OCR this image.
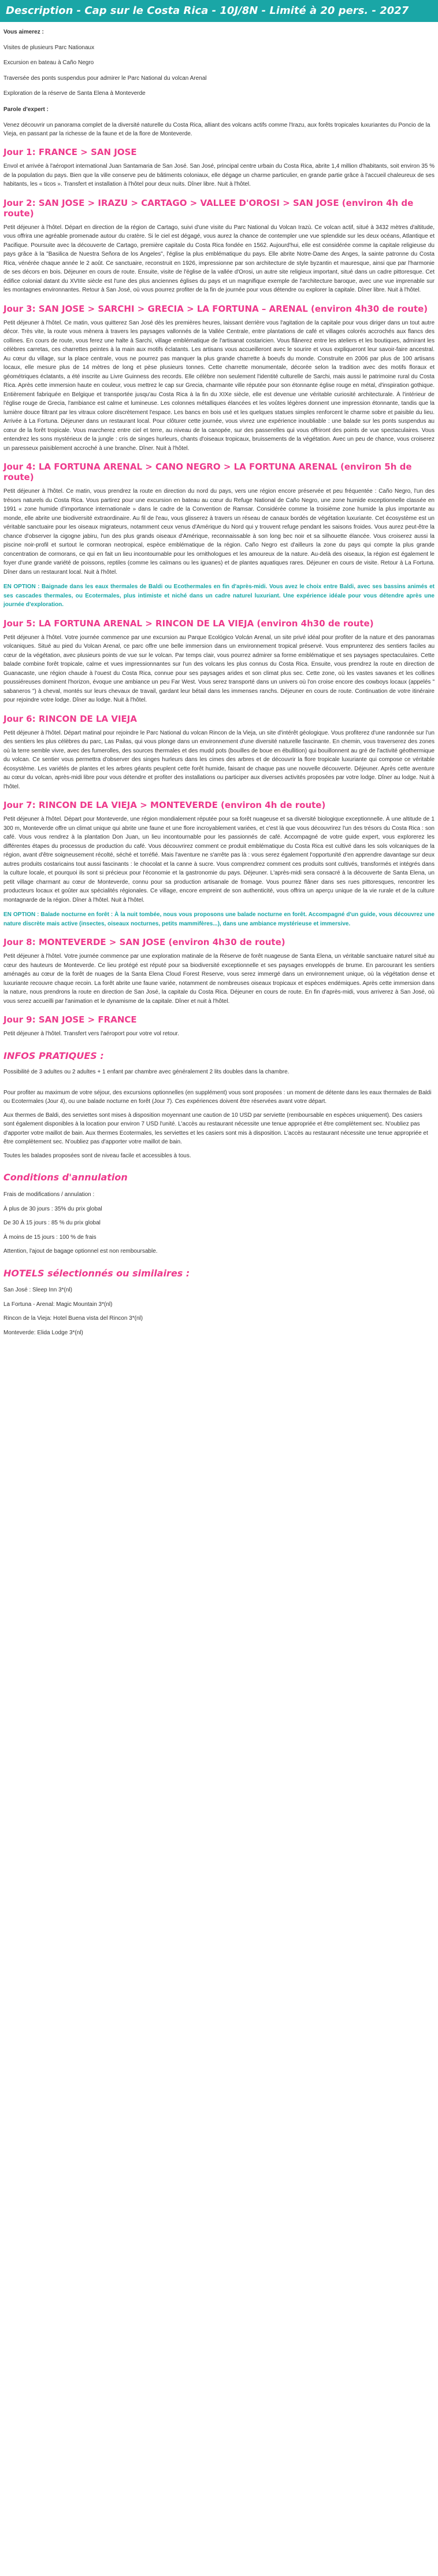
Description - Cap sur le Costa Rica - 10J/8N - Limité à 20 pers. - 2027
Vous aimerez :
Visites de plusieurs Parc Nationaux
Excursion en bateau à Caño Negro
Traversée des ponts suspendus pour admirer le Parc National du volcan Arenal
Exploration de la réserve de Santa Elena à Monteverde
Parole d'expert :
Venez découvrir un panorama complet de la diversité naturelle du Costa Rica, alliant des volcans actifs comme l'Irazu, aux forêts tropicales luxuriantes du Poncio de la Vieja, en passant par la richesse de la faune et de la flore de Monteverde.
Jour 1: FRANCE > SAN JOSE
Envol et arrivée à l'aéroport international Juan Santamaria de San José. San José, principal centre urbain du Costa Rica, abrite 1,4 million d'habitants, soit environ 35 % de la population du pays. Bien que la ville conserve peu de bâtiments coloniaux, elle dégage un charme particulier, en grande partie grâce à l'accueil chaleureux de ses habitants, les « ticos ». Transfert et installation à l'hôtel pour deux nuits. Dîner libre. Nuit à l'hôtel.
Jour 2: SAN JOSE > IRAZU > CARTAGO > VALLEE D'OROSI > SAN JOSE (environ 4h de route)
Petit déjeuner à l'hôtel. Départ en direction de la région de Cartago, suivi d'une visite du Parc National du Volcan Irazù. Ce volcan actif, situé à 3432 mètres d'altitude, vous offrira une agréable promenade autour du cratère. Si le ciel est dégagé, vous aurez la chance de contempler une vue splendide sur les deux océans, Atlantique et Pacifique. Poursuite avec la découverte de Cartago, première capitale du Costa Rica fondée en 1562. Aujourd'hui, elle est considérée comme la capitale religieuse du pays grâce à la "Basilica de Nuestra Señora de los Angeles", l'église la plus emblématique du pays. Elle abrite Notre-Dame des Anges, la sainte patronne du Costa Rica, vénérée chaque année le 2 août. Ce sanctuaire, reconstruit en 1926, impressionne par son architecture de style byzantin et mauresque, ainsi que par l'harmonie de ses décors en bois. Déjeuner en cours de route. Ensuite, visite de l'église de la vallée d'Orosi, un autre site religieux important, situé dans un cadre pittoresque. Cet édifice colonial datant du XVIIIe siècle est l'une des plus anciennes églises du pays et un magnifique exemple de l'architecture baroque, avec une vue imprenable sur les montagnes environnantes. Retour à San José, où vous pourrez profiter de la fin de journée pour vous détendre ou explorer la capitale. Dîner libre. Nuit à l'hôtel.
Jour 3: SAN JOSE > SARCHI > GRECIA > LA FORTUNA – ARENAL (environ 4h30 de route)
Petit déjeuner à l'hôtel. Ce matin, vous quitterez San José dès les premières heures, laissant derrière vous l'agitation de la capitale pour vous diriger dans un tout autre décor. Très vite, la route vous mènera à travers les paysages vallonnés de la Vallée Centrale, entre plantations de café et villages colorés accrochés aux flancs des collines. En cours de route, vous ferez une halte à Sarchi, village emblématique de l'artisanat costaricien. Vous flânerez entre les ateliers et les boutiques, admirant les célèbres carretas, ces charrettes peintes à la main aux motifs éclatants. Les artisans vous accueilleront avec le sourire et vous expliqueront leur savoir-faire ancestral. Au cœur du village, sur la place centrale, vous ne pourrez pas manquer la plus grande charrette à boeufs du monde. Construite en 2006 par plus de 100 artisans locaux, elle mesure plus de 14 mètres de long et pèse plusieurs tonnes. Cette charrette monumentale, décorée selon la tradition avec des motifs floraux et géométriques éclatants, a été inscrite au Livre Guinness des records. Elle célèbre non seulement l'identité culturelle de Sarchi, mais aussi le patrimoine rural du Costa Rica. Après cette immersion haute en couleur, vous mettrez le cap sur Grecia, charmante ville réputée pour son étonnante église rouge en métal, d'inspiration gothique. Entièrement fabriquée en Belgique et transportée jusqu'au Costa Rica à la fin du XIXe siècle, elle est devenue une véritable curiosité architecturale. À l'intérieur de l'église rouge de Grecia, l'ambiance est calme et lumineuse. Les colonnes métalliques élancées et les voûtes légères donnent une impression étonnante, tandis que la lumière douce filtrant par les vitraux colore discrètement l'espace. Les bancs en bois usé et les quelques statues simples renforcent le charme sobre et paisible du lieu. Arrivée à La Fortuna. Déjeuner dans un restaurant local. Pour clôturer cette journée, vous vivrez une expérience inoubliable : une balade sur les ponts suspendus au cœur de la forêt tropicale. Vous marcherez entre ciel et terre, au niveau de la canopée, sur des passerelles qui vous offriront des points de vue spectaculaires. Vous entendrez les sons mystérieux de la jungle : cris de singes hurleurs, chants d'oiseaux tropicaux, bruissements de la végétation. Avec un peu de chance, vous croiserez un paresseux paisiblement accroché à une branche. Dîner. Nuit à l'hôtel.
Jour 4: LA FORTUNA ARENAL > CANO NEGRO > LA FORTUNA ARENAL (environ 5h de route)
Petit déjeuner à l'hôtel. Ce matin, vous prendrez la route en direction du nord du pays, vers une région encore préservée et peu fréquentée : Caño Negro, l'un des trésors naturels du Costa Rica. Vous partirez pour une excursion en bateau au cœur du Refuge National de Caño Negro, une zone humide exceptionnelle classée en 1991 « zone humide d'importance internationale » dans le cadre de la Convention de Ramsar. Considérée comme la troisième zone humide la plus importante au monde, elle abrite une biodiversité extraordinaire. Au fil de l'eau, vous glisserez à travers un réseau de canaux bordés de végétation luxuriante. Cet écosystème est un véritable sanctuaire pour les oiseaux migrateurs, notamment ceux venus d'Amérique du Nord qui y trouvent refuge pendant les saisons froides. Vous aurez peut-être la chance d'observer la cigogne jabiru, l'un des plus grands oiseaux d'Amérique, reconnaissable à son long bec noir et sa silhouette élancée. Vous croiserez aussi la piscine noir-profil et surtout le cormoran neotropical, espèce emblématique de la région. Caño Negro est d'ailleurs la zone du pays qui compte la plus grande concentration de cormorans, ce qui en fait un lieu incontournable pour les ornithologues et les amoureux de la nature. Au-delà des oiseaux, la région est également le foyer d'une grande variété de poissons, reptiles (comme les caïmans ou les iguanes) et de plantes aquatiques rares. Déjeuner en cours de visite. Retour à La Fortuna. Dîner dans un restaurant local. Nuit à l'hôtel.
EN OPTION : Baignade dans les eaux thermales de Baldi ou Ecothermales en fin d'après-midi. Vous avez le choix entre Baldi, avec ses bassins animés et ses cascades thermales, ou Ecotermales, plus intimiste et niché dans un cadre naturel luxuriant. Une expérience idéale pour vous détendre après une journée d'exploration.
Jour 5: LA FORTUNA ARENAL > RINCON DE LA VIEJA (environ 4h30 de route)
Petit déjeuner à l'hôtel. Votre journée commence par une excursion au Parque Ecológico Volcán Arenal, un site privé idéal pour profiter de la nature et des panoramas volcaniques. Situé au pied du Volcan Arenal, ce parc offre une belle immersion dans un environnement tropical préservé. Vous emprunterez des sentiers faciles au cœur de la végétation, avec plusieurs points de vue sur le volcan. Par temps clair, vous pourrez admirer sa forme emblématique et ses paysages spectaculaires. Cette balade combine forêt tropicale, calme et vues impressionnantes sur l'un des volcans les plus connus du Costa Rica. Ensuite, vous prendrez la route en direction de Guanacaste, une région chaude à l'ouest du Costa Rica, connue pour ses paysages arides et son climat plus sec. Cette zone, où les vastes savanes et les collines poussiéreuses dominent l'horizon, évoque une ambiance un peu Far West. Vous serez transporté dans un univers où l'on croise encore des cowboys locaux (appelés " sabaneros ") à cheval, montés sur leurs chevaux de travail, gardant leur bétail dans les immenses ranchs. Déjeuner en cours de route. Continuation de votre itinéraire pour rejoindre votre lodge. Dîner au lodge. Nuit à l'hôtel.
Jour 6: RINCON DE LA VIEJA
Petit déjeuner à l'hôtel. Départ matinal pour rejoindre le Parc National du volcan Rincon de la Vieja, un site d'intérêt géologique. Vous profiterez d'une randonnée sur l'un des sentiers les plus célèbres du parc, Las Pailas, qui vous plonge dans un environnement d'une diversité naturelle fascinante. En chemin, vous traverserez des zones où la terre semble vivre, avec des fumerolles, des sources thermales et des mudd pots (bouilles de boue en ébullition) qui bouillonnent au gré de l'activité géothermique du volcan. Ce sentier vous permettra d'observer des singes hurleurs dans les cimes des arbres et de découvrir la flore tropicale luxuriante qui compose ce véritable écosystème. Les variétés de plantes et les arbres géants peuplent cette forêt humide, faisant de chaque pas une nouvelle découverte. Déjeuner. Après cette aventure au cœur du volcan, après-midi libre pour vous détendre et profiter des installations ou participer aux diverses activités proposées par votre lodge. Dîner au lodge. Nuit à l'hôtel.
Jour 7: RINCON DE LA VIEJA > MONTEVERDE (environ 4h de route)
Petit déjeuner à l'hôtel. Départ pour Monteverde, une région mondialement réputée pour sa forêt nuageuse et sa diversité biologique exceptionnelle. À une altitude de 1 300 m, Monteverde offre un climat unique qui abrite une faune et une flore incroyablement variées, et c'est là que vous découvrirez l'un des trésors du Costa Rica : son café. Vous vous rendrez à la plantation Don Juan, un lieu incontournable pour les passionnés de café. Accompagné de votre guide expert, vous explorerez les différentes étapes du processus de production du café. Vous découvrirez comment ce produit emblématique du Costa Rica est cultivé dans les sols volcaniques de la région, avant d'être soigneusement récolté, séché et torréfié. Mais l'aventure ne s'arrête pas là : vous serez également l'opportunité d'en apprendre davantage sur deux autres produits costaricains tout aussi fascinants : le chocolat et la canne à sucre. Vous comprendrez comment ces produits sont cultivés, transformés et intégrés dans la culture locale, et pourquoi ils sont si précieux pour l'économie et la gastronomie du pays. Déjeuner. L'après-midi sera consacré à la découverte de Santa Elena, un petit village charmant au cœur de Monteverde, connu pour sa production artisanale de fromage. Vous pourrez flâner dans ses rues pittoresques, rencontrer les producteurs locaux et goûter aux spécialités régionales. Ce village, encore empreint de son authenticité, vous offrira un aperçu unique de la vie rurale et de la culture montagnarde de la région. Dîner à l'hôtel. Nuit à l'hôtel.
EN OPTION : Balade nocturne en forêt : À la nuit tombée, nous vous proposons une balade nocturne en forêt. Accompagné d'un guide, vous découvrez une nature discrète mais active (insectes, oiseaux nocturnes, petits mammifères...), dans une ambiance mystérieuse et immersive.
Jour 8: MONTEVERDE > SAN JOSE (environ 4h30 de route)
Petit déjeuner à l'hôtel. Votre journée commence par une exploration matinale de la Réserve de forêt nuageuse de Santa Elena, un véritable sanctuaire naturel situé au cœur des hauteurs de Monteverde. Ce lieu protégé est réputé pour sa biodiversité exceptionnelle et ses paysages enveloppés de brume. En parcourant les sentiers aménagés au cœur de la forêt de nuages de la Santa Elena Cloud Forest Reserve, vous serez immergé dans un environnement unique, où la végétation dense et luxuriante recouvre chaque recoin. La forêt abrite une faune variée, notamment de nombreuses oiseaux tropicaux et espèces endémiques. Après cette immersion dans la nature, nous prendrons la route en direction de San José, la capitale du Costa Rica. Déjeuner en cours de route. En fin d'après-midi, vous arriverez à San José, où vous serez accueilli par l'animation et le dynamisme de la capitale. Dîner et nuit à l'hôtel.
Jour 9: SAN JOSE > FRANCE
Petit déjeuner à l'hôtel. Transfert vers l'aéroport pour votre vol retour.
INFOS PRATIQUES :
Possibilité de 3 adultes ou 2 adultes + 1 enfant par chambre avec généralement 2 lits doubles dans la chambre.
Pour profiter au maximum de votre séjour, des excursions optionnelles (en supplément) vous sont proposées : un moment de détente dans les eaux thermales de Baldi ou Ecotermales (Jour 4), ou une balade nocturne en forêt (Jour 7). Ces expériences doivent être réservées avant votre départ.
Aux thermes de Baldi, des serviettes sont mises à disposition moyennant une caution de 10 USD par serviette (remboursable en espèces uniquement). Des casiers sont également disponibles à la location pour environ 7 USD l'unité. L'accès au restaurant nécessite une tenue appropriée et être complètement sec. N'oubliez pas d'apporter votre maillot de bain. Aux thermes Ecotermales, les serviettes et les casiers sont mis à disposition. L'accès au restaurant nécessite une tenue appropriée et être complètement sec. N'oubliez pas d'apporter votre maillot de bain.
Toutes les balades proposées sont de niveau facile et accessibles à tous.
Conditions d'annulation
Frais de modifications / annulation :
À plus de 30 jours : 35% du prix global
De 30 À 15 jours : 85 % du prix global
À moins de 15 jours : 100 % de frais
Attention, l'ajout de bagage optionnel est non remboursable.
HOTELS sélectionnés ou similaires :
San José : Sleep Inn 3*(nl)
La Fortuna - Arenal: Magic Mountain 3*(nl)
Rincon de la Vieja: Hotel Buena vista del Rincon 3*(nl)
Monteverde: Elida Lodge 3*(nl)
